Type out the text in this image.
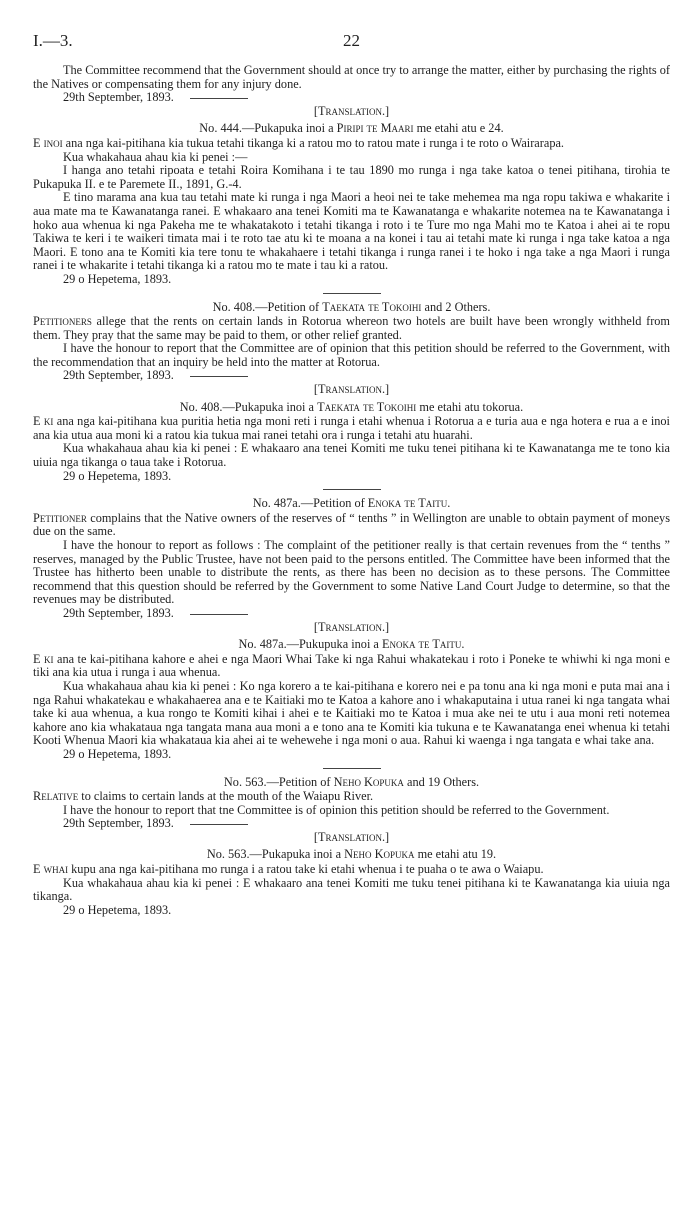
I.—3.	22

The Committee recommend that the Government should at once try to arrange the matter, either by purchasing the rights of the Natives or compensating them for any injury done.

29th September, 1893.

[Translation.]

No. 444.—Pukapuka inoi a Piripi te Maari me etahi atu e 24.

E inoi ana nga kai-pitihana kia tukua tetahi tikanga ki a ratou mo to ratou mate i runga i te roto o Wairarapa.

Kua whakahaua ahau kia ki penei :—

I hanga ano tetahi ripoata e tetahi Roira Komihana i te tau 1890 mo runga i nga take katoa o tenei pitihana, tirohia te Pukapuka II. e te Paremete II., 1891, G.-4.

E tino marama ana kua tau tetahi mate ki runga i nga Maori a heoi nei te take mehemea ma nga ropu takiwa e whakarite i aua mate ma te Kawanatanga ranei. E whakaaro ana tenei Komiti ma te Kawanatanga e whakarite notemea na te Kawanatanga i hoko aua whenua ki nga Pakeha me te whakatakoto i tetahi tikanga i roto i te Ture mo nga Mahi mo te Katoa i ahei ai te ropu Takiwa te keri i te waikeri timata mai i te roto tae atu ki te moana a na konei i tau ai tetahi mate ki runga i nga take katoa a nga Maori. E tono ana te Komiti kia tere tonu te whakahaere i tetahi tikanga i runga ranei i te hoko i nga take a nga Maori i runga ranei i te whakarite i tetahi tikanga ki a ratou mo te mate i tau ki a ratou.

29 o Hepetema, 1893.

No. 408.—Petition of Taekata te Tokoihi and 2 Others.

Petitioners allege that the rents on certain lands in Rotorua whereon two hotels are built have been wrongly withheld from them. They pray that the same may be paid to them, or other relief granted.

I have the honour to report that the Committee are of opinion that this petition should be referred to the Government, with the recommendation that an inquiry be held into the matter at Rotorua.

29th September, 1893.

[Translation.]

No. 408.—Pukapuka inoi a Taekata te Tokoihi me etahi atu tokorua.

E ki ana nga kai-pitihana kua puritia hetia nga moni reti i runga i etahi whenua i Rotorua a e turia aua e nga hotera e rua a e inoi ana kia utua aua moni ki a ratou kia tukua mai ranei tetahi ora i runga i tetahi atu huarahi.

Kua whakahaua ahau kia ki penei : E whakaaro ana tenei Komiti me tuku tenei pitihana ki te Kawanatanga me te tono kia uiuia nga tikanga o taua take i Rotorua.

29 o Hepetema, 1893.

No. 487a.—Petition of Enoka te Taitu.

Petitioner complains that the Native owners of the reserves of “ tenths ” in Wellington are unable to obtain payment of moneys due on the same.

I have the honour to report as follows : The complaint of the petitioner really is that certain revenues from the “ tenths ” reserves, managed by the Public Trustee, have not been paid to the persons entitled. The Committee have been informed that the Trustee has hitherto been unable to distribute the rents, as there has been no decision as to these persons. The Committee recommend that this question should be referred by the Government to some Native Land Court Judge to determine, so that the revenues may be distributed.

29th September, 1893.

[Translation.]

No. 487a.—Pukupuka inoi a Enoka te Taitu.

E ki ana te kai-pitihana kahore e ahei e nga Maori Whai Take ki nga Rahui whakatekau i roto i Poneke te whiwhi ki nga moni e tiki ana kia utua i runga i aua whenua.

Kua whakahaua ahau kia ki penei : Ko nga korero a te kai-pitihana e korero nei e pa tonu ana ki nga moni e puta mai ana i nga Rahui whakatekau e whakahaerea ana e te Kaitiaki mo te Katoa a kahore ano i whakaputaina i utua ranei ki nga tangata whai take ki aua whenua, a kua rongo te Komiti kihai i ahei e te Kaitiaki mo te Katoa i mua ake nei te utu i aua moni reti notemea kahore ano kia whakataua nga tangata mana aua moni a e tono ana te Komiti kia tukuna e te Kawanatanga enei whenua ki tetahi Kooti Whenua Maori kia whakataua kia ahei ai te wehewehe i nga moni o aua. Rahui ki waenga i nga tangata e whai take ana.

29 o Hepetema, 1893.

No. 563.—Petition of Neho Kopuka and 19 Others.

Relative to claims to certain lands at the mouth of the Waiapu River.

I have the honour to report that tne Committee is of opinion this petition should be referred to the Government.

29th September, 1893.

[Translation.]

No. 563.—Pukapuka inoi a Neho Kopuka me etahi atu 19.

E whai kupu ana nga kai-pitihana mo runga i a ratou take ki etahi whenua i te puaha o te awa o Waiapu.

Kua whakahaua ahau kia ki penei : E whakaaro ana tenei Komiti me tuku tenei pitihana ki te Kawanatanga kia uiuia nga tikanga.

29 o Hepetema, 1893.
